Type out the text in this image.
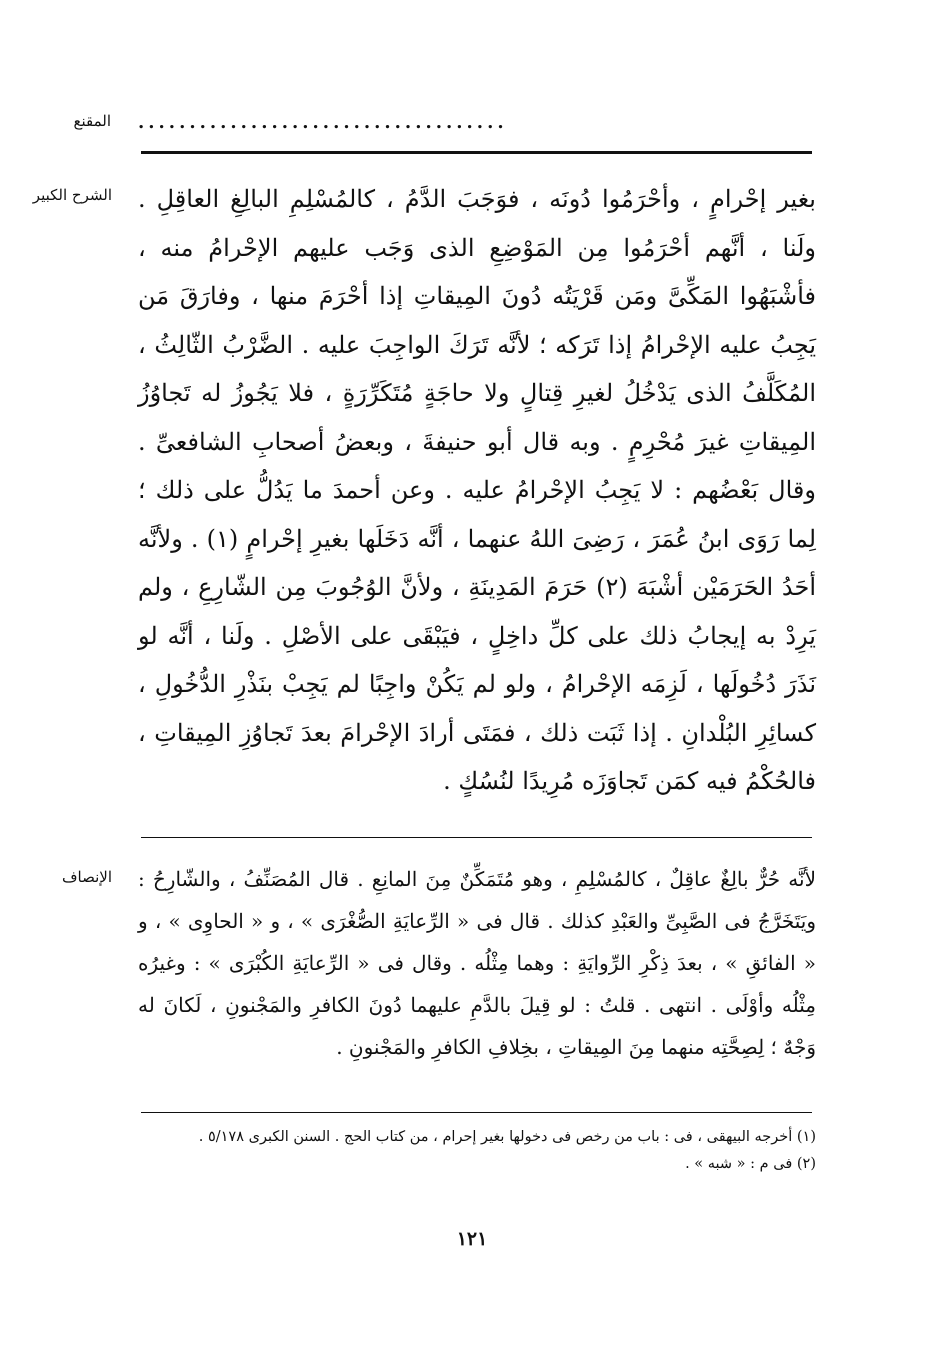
المقنع ....................................
الشرح الكبير بغير إحْرامٍ ، وأحْرَمُوا دُونَه ، فوَجَبَ الدَّمُ ، كالمُسْلِمِ البالِغِ العاقِلِ . ولَنا ، أنَّهم أحْرَمُوا مِن المَوْضِعِ الذى وَجَب عليهم الإحْرامُ منه ، فأشْبَهُوا المَكِّىَّ ومَن قَرْيَتُه دُونَ المِيقاتِ إذا أحْرَمَ منها ، وفارَقَ مَن يَجِبُ عليه الإحْرامُ إذا تَرَكه ؛ لأنَّه تَرَكَ الواجِبَ عليه . الضَّرْبُ الثّالِثُ ، المُكَلَّفُ الذى يَدْخُلُ لغيرِ قِتالٍ ولا حاجَةٍ مُتَكَرِّرَةٍ ، فلا يَجُوزُ له تَجاوُزُ المِيقاتِ غيرَ مُحْرِمٍ . وبه قال أبو حنيفةَ ، وبعضُ أصحابِ الشافعىِّ . وقال بَعْضُهم : لا يَجِبُ الإحْرامُ عليه . وعن أحمدَ ما يَدُلُّ على ذلك ؛ لِما رَوَى ابنُ عُمَرَ ، رَضِىَ اللهُ عنهما ، أنَّه دَخَلَها بغيرِ إحْرامٍ (١) . ولأنَّه أحَدُ الحَرَمَيْن أشْبَهَ (٢) حَرَمَ المَدِينَةِ ، ولأنَّ الوُجُوبَ مِن الشّارِعِ ، ولم يَرِدْ به إيجابُ ذلك على كلِّ داخِلٍ ، فيَبْقَى على الأصْلِ . ولَنا ، أنَّه لو نَذَرَ دُخُولَها ، لَزِمَه الإحْرامُ ، ولو لم يَكُنْ واجِبًا لم يَجِبْ بنَذْرِ الدُّخُولِ ، كسائِرِ البُلْدانِ . إذا ثَبَت ذلك ، فمَتَى أرادَ الإحْرامَ بعدَ تَجاوُزِ المِيقاتِ ، فالحُكْمُ فيه كمَن تَجاوَزَه مُرِيدًا لنُسُكٍ .

الإنصاف لأنَّه حُرٌّ بالِغٌ عاقِلٌ ، كالمُسْلِمِ ، وهو مُتَمَكِّنٌ مِنَ المانِعِ . قال المُصَنِّفُ ، والشّارِحُ : ويَتَخَرَّجُ فى الصَّبِىِّ والعَبْدِ كذلك . قال فى « الرِّعايَةِ الصُّغْرَى » ، و « الحاوِى » ، و « الفائقِ » ، بعدَ ذِكْرِ الرِّوايَةِ : وهما مِثْلُه . وقال فى « الرِّعايَةِ الكُبْرَى » : وغيرُه مِثْلُه وأوْلَى . انتهى . قلتُ : لو قِيلَ بالدَّمِ عليهما دُونَ الكافرِ والمَجْنونِ ، لَكانَ له وَجْهٌ ؛ لِصِحَّتِه منهما مِنَ المِيقاتِ ، بخِلافِ الكافرِ والمَجْنونِ .

(١) أخرجه البيهقى ، فى : باب من رخص فى دخولها بغير إحرام ، من كتاب الحج . السنن الكبرى ٥/١٧٨ .
(٢) فى م : « شبه » .
١٢١
